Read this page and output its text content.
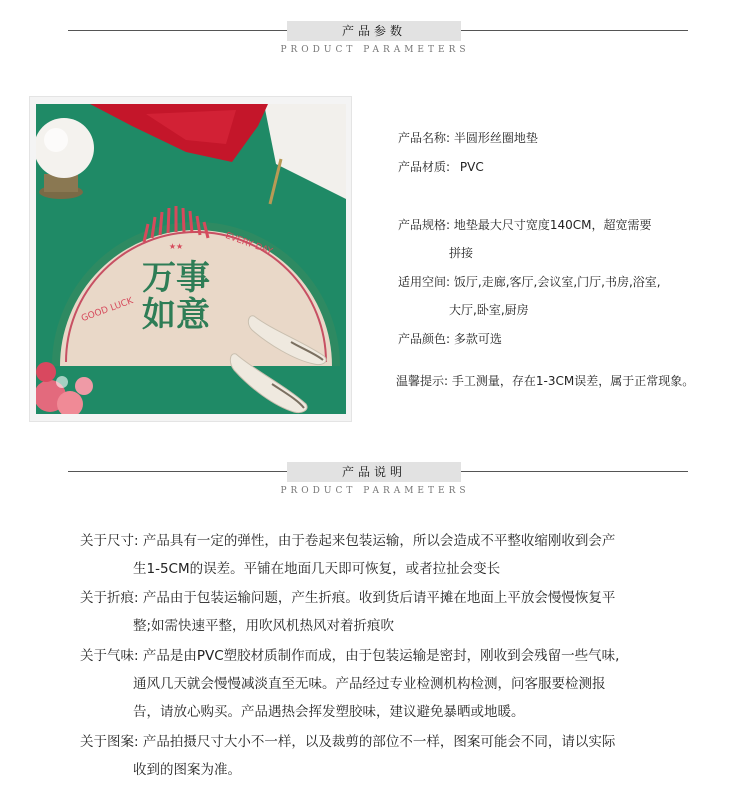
产品参数
PRODUCT PARAMETERS
★★
万事
如意
GOOD LUCK
EVERY DAY
产品名称: 半圆形丝圈地垫
产品材质: PVC
产品规格: 地垫最大尺寸宽度140CM，超宽需要
拼接
适用空间: 饭厅,走廊,客厅,会议室,门厅,书房,浴室,
大厅,卧室,厨房
产品颜色: 多款可选
温馨提示: 手工测量，存在1-3CM误差，属于正常现象。
产品说明
PRODUCT PARAMETERS
关于尺寸: 产品具有一定的弹性，由于卷起来包装运输，所以会造成不平整收缩刚收到会产
生1-5CM的误差。平铺在地面几天即可恢复，或者拉扯会变长
关于折痕: 产品由于包装运输问题，产生折痕。收到货后请平摊在地面上平放会慢慢恢复平
整;如需快速平整，用吹风机热风对着折痕吹
关于气味: 产品是由PVC塑胶材质制作而成，由于包装运输是密封，刚收到会残留一些气味,
通风几天就会慢慢减淡直至无味。产品经过专业检测机构检测，问客服要检测报
告，请放心购买。产品遇热会挥发塑胶味，建议避免暴晒或地暖。
关于图案: 产品拍摄尺寸大小不一样，以及裁剪的部位不一样，图案可能会不同，请以实际
收到的图案为准。
